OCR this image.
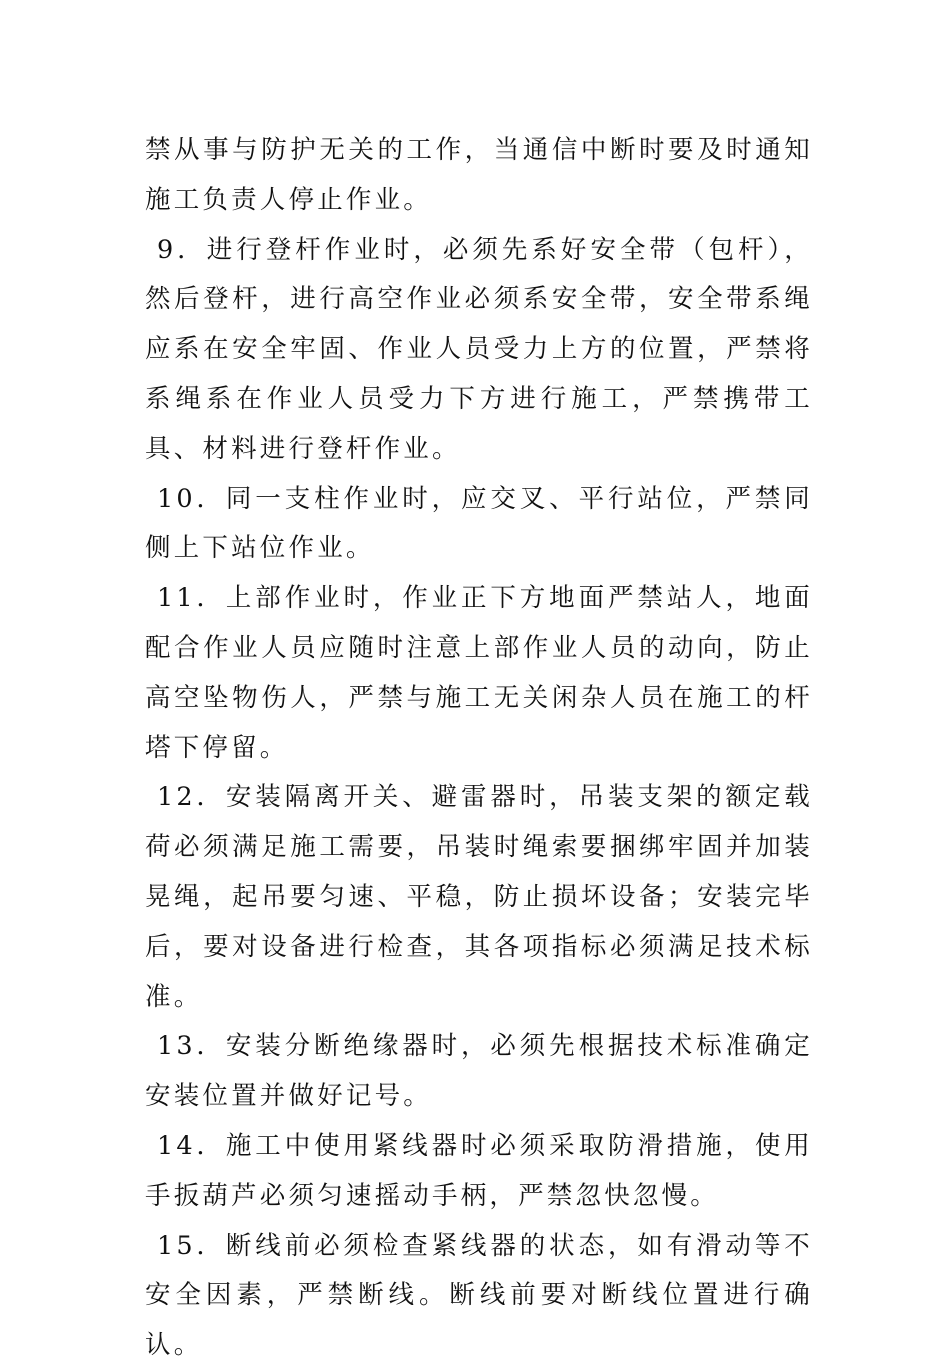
禁从事与防护无关的工作，当通信中断时要及时通知施工负责人停止作业。

9．进行登杆作业时，必须先系好安全带（包杆），然后登杆，进行高空作业必须系安全带，安全带系绳应系在安全牢固、作业人员受力上方的位置，严禁将系绳系在作业人员受力下方进行施工，严禁携带工具、材料进行登杆作业。

10．同一支柱作业时，应交叉、平行站位，严禁同侧上下站位作业。

11．上部作业时，作业正下方地面严禁站人，地面配合作业人员应随时注意上部作业人员的动向，防止高空坠物伤人，严禁与施工无关闲杂人员在施工的杆塔下停留。

12．安装隔离开关、避雷器时，吊装支架的额定载荷必须满足施工需要，吊装时绳索要捆绑牢固并加装晃绳，起吊要匀速、平稳，防止损坏设备；安装完毕后，要对设备进行检查，其各项指标必须满足技术标准。

13．安装分断绝缘器时，必须先根据技术标准确定安装位置并做好记号。

14．施工中使用紧线器时必须采取防滑措施，使用手扳葫芦必须匀速摇动手柄，严禁忽快忽慢。

15．断线前必须检查紧线器的状态，如有滑动等不安全因素，严禁断线。断线前要对断线位置进行确认。
